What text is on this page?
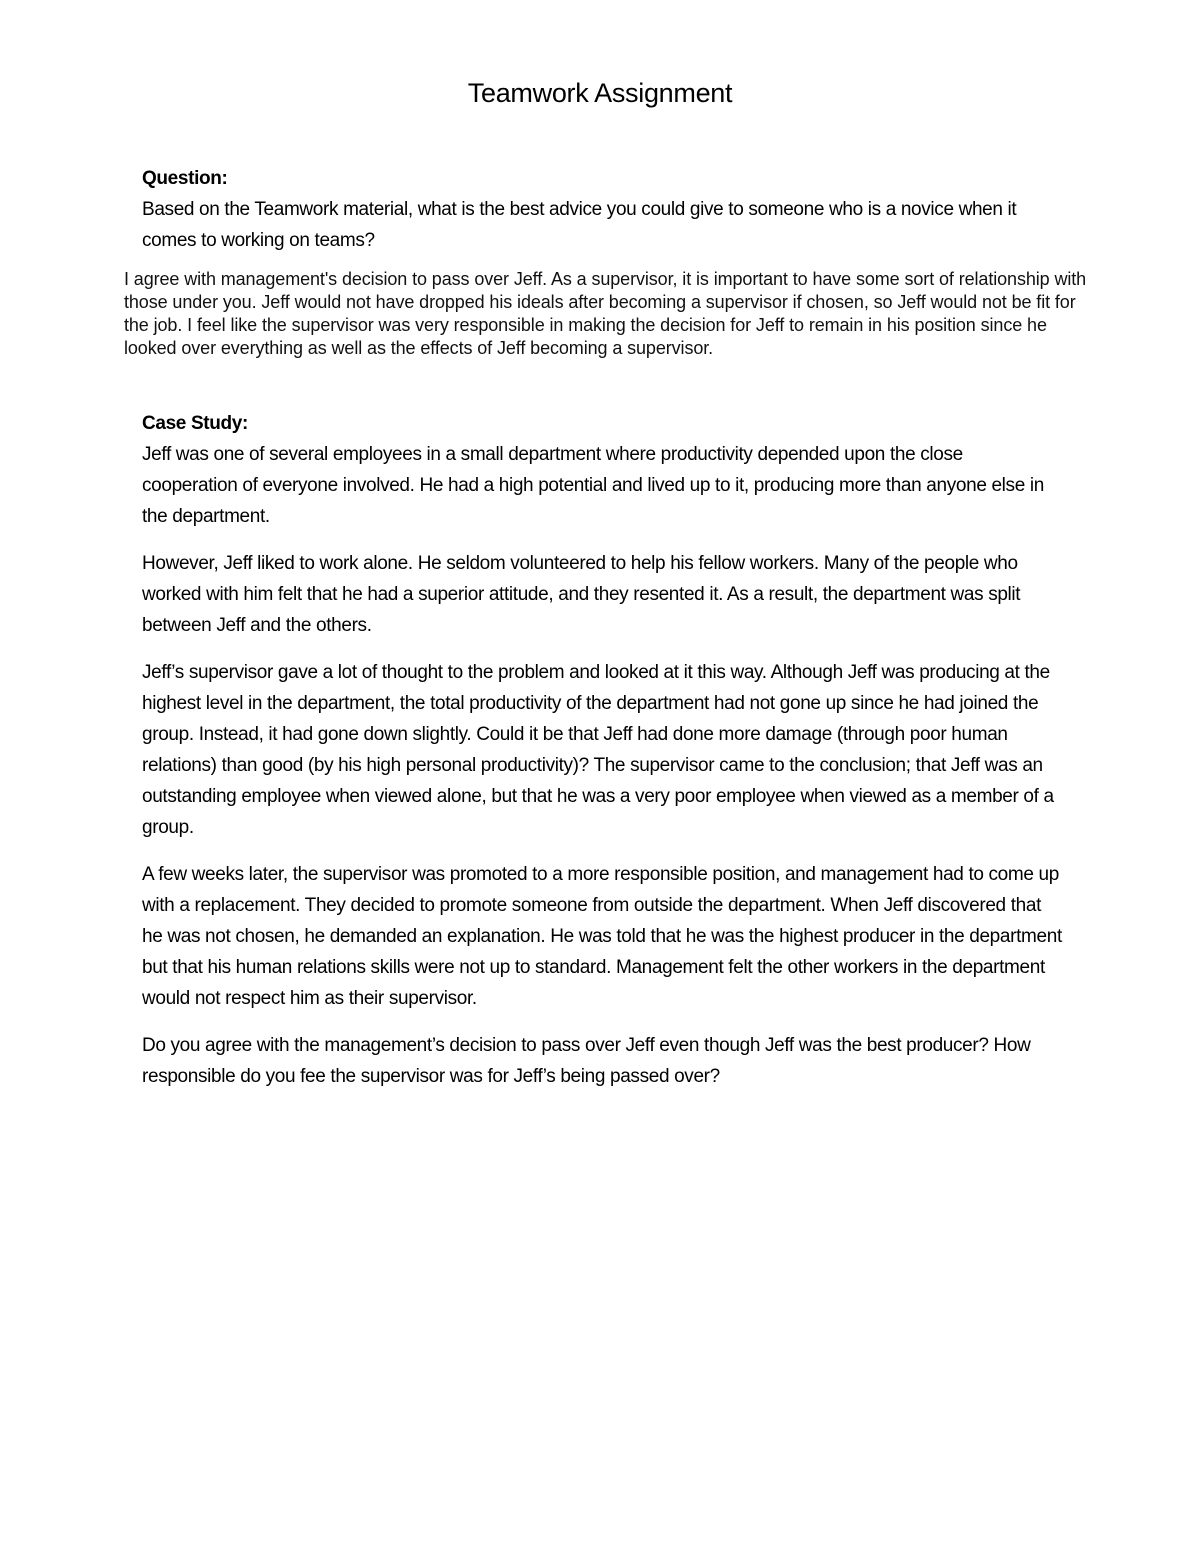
Teamwork Assignment
Question:

Based on the Teamwork material, what is the best advice you could give to someone who is a novice when it comes to working on teams?

I agree with management's decision to pass over Jeff. As a supervisor, it is important to have some sort of relationship with those under you. Jeff would not have dropped his ideals after becoming a supervisor if chosen, so Jeff would not be fit for the job. I feel like the supervisor was very responsible in making the decision for Jeff to remain in his position since he looked over everything as well as the effects of Jeff becoming a supervisor.

Case Study:

Jeff was one of several employees in a small department where productivity depended upon the close cooperation of everyone involved. He had a high potential and lived up to it, producing more than anyone else in the department.

However, Jeff liked to work alone. He seldom volunteered to help his fellow workers. Many of the people who worked with him felt that he had a superior attitude, and they resented it. As a result, the department was split between Jeff and the others.

Jeff’s supervisor gave a lot of thought to the problem and looked at it this way. Although Jeff was producing at the highest level in the department, the total productivity of the department had not gone up since he had joined the group. Instead, it had gone down slightly. Could it be that Jeff had done more damage (through poor human relations) than good (by his high personal productivity)? The supervisor came to the conclusion; that Jeff was an outstanding employee when viewed alone, but that he was a very poor employee when viewed as a member of a group.

A few weeks later, the supervisor was promoted to a more responsible position, and management had to come up with a replacement. They decided to promote someone from outside the department. When Jeff discovered that he was not chosen, he demanded an explanation. He was told that he was the highest producer in the department but that his human relations skills were not up to standard. Management felt the other workers in the department would not respect him as their supervisor.

Do you agree with the management’s decision to pass over Jeff even though Jeff was the best producer? How responsible do you fee the supervisor was for Jeff’s being passed over?
